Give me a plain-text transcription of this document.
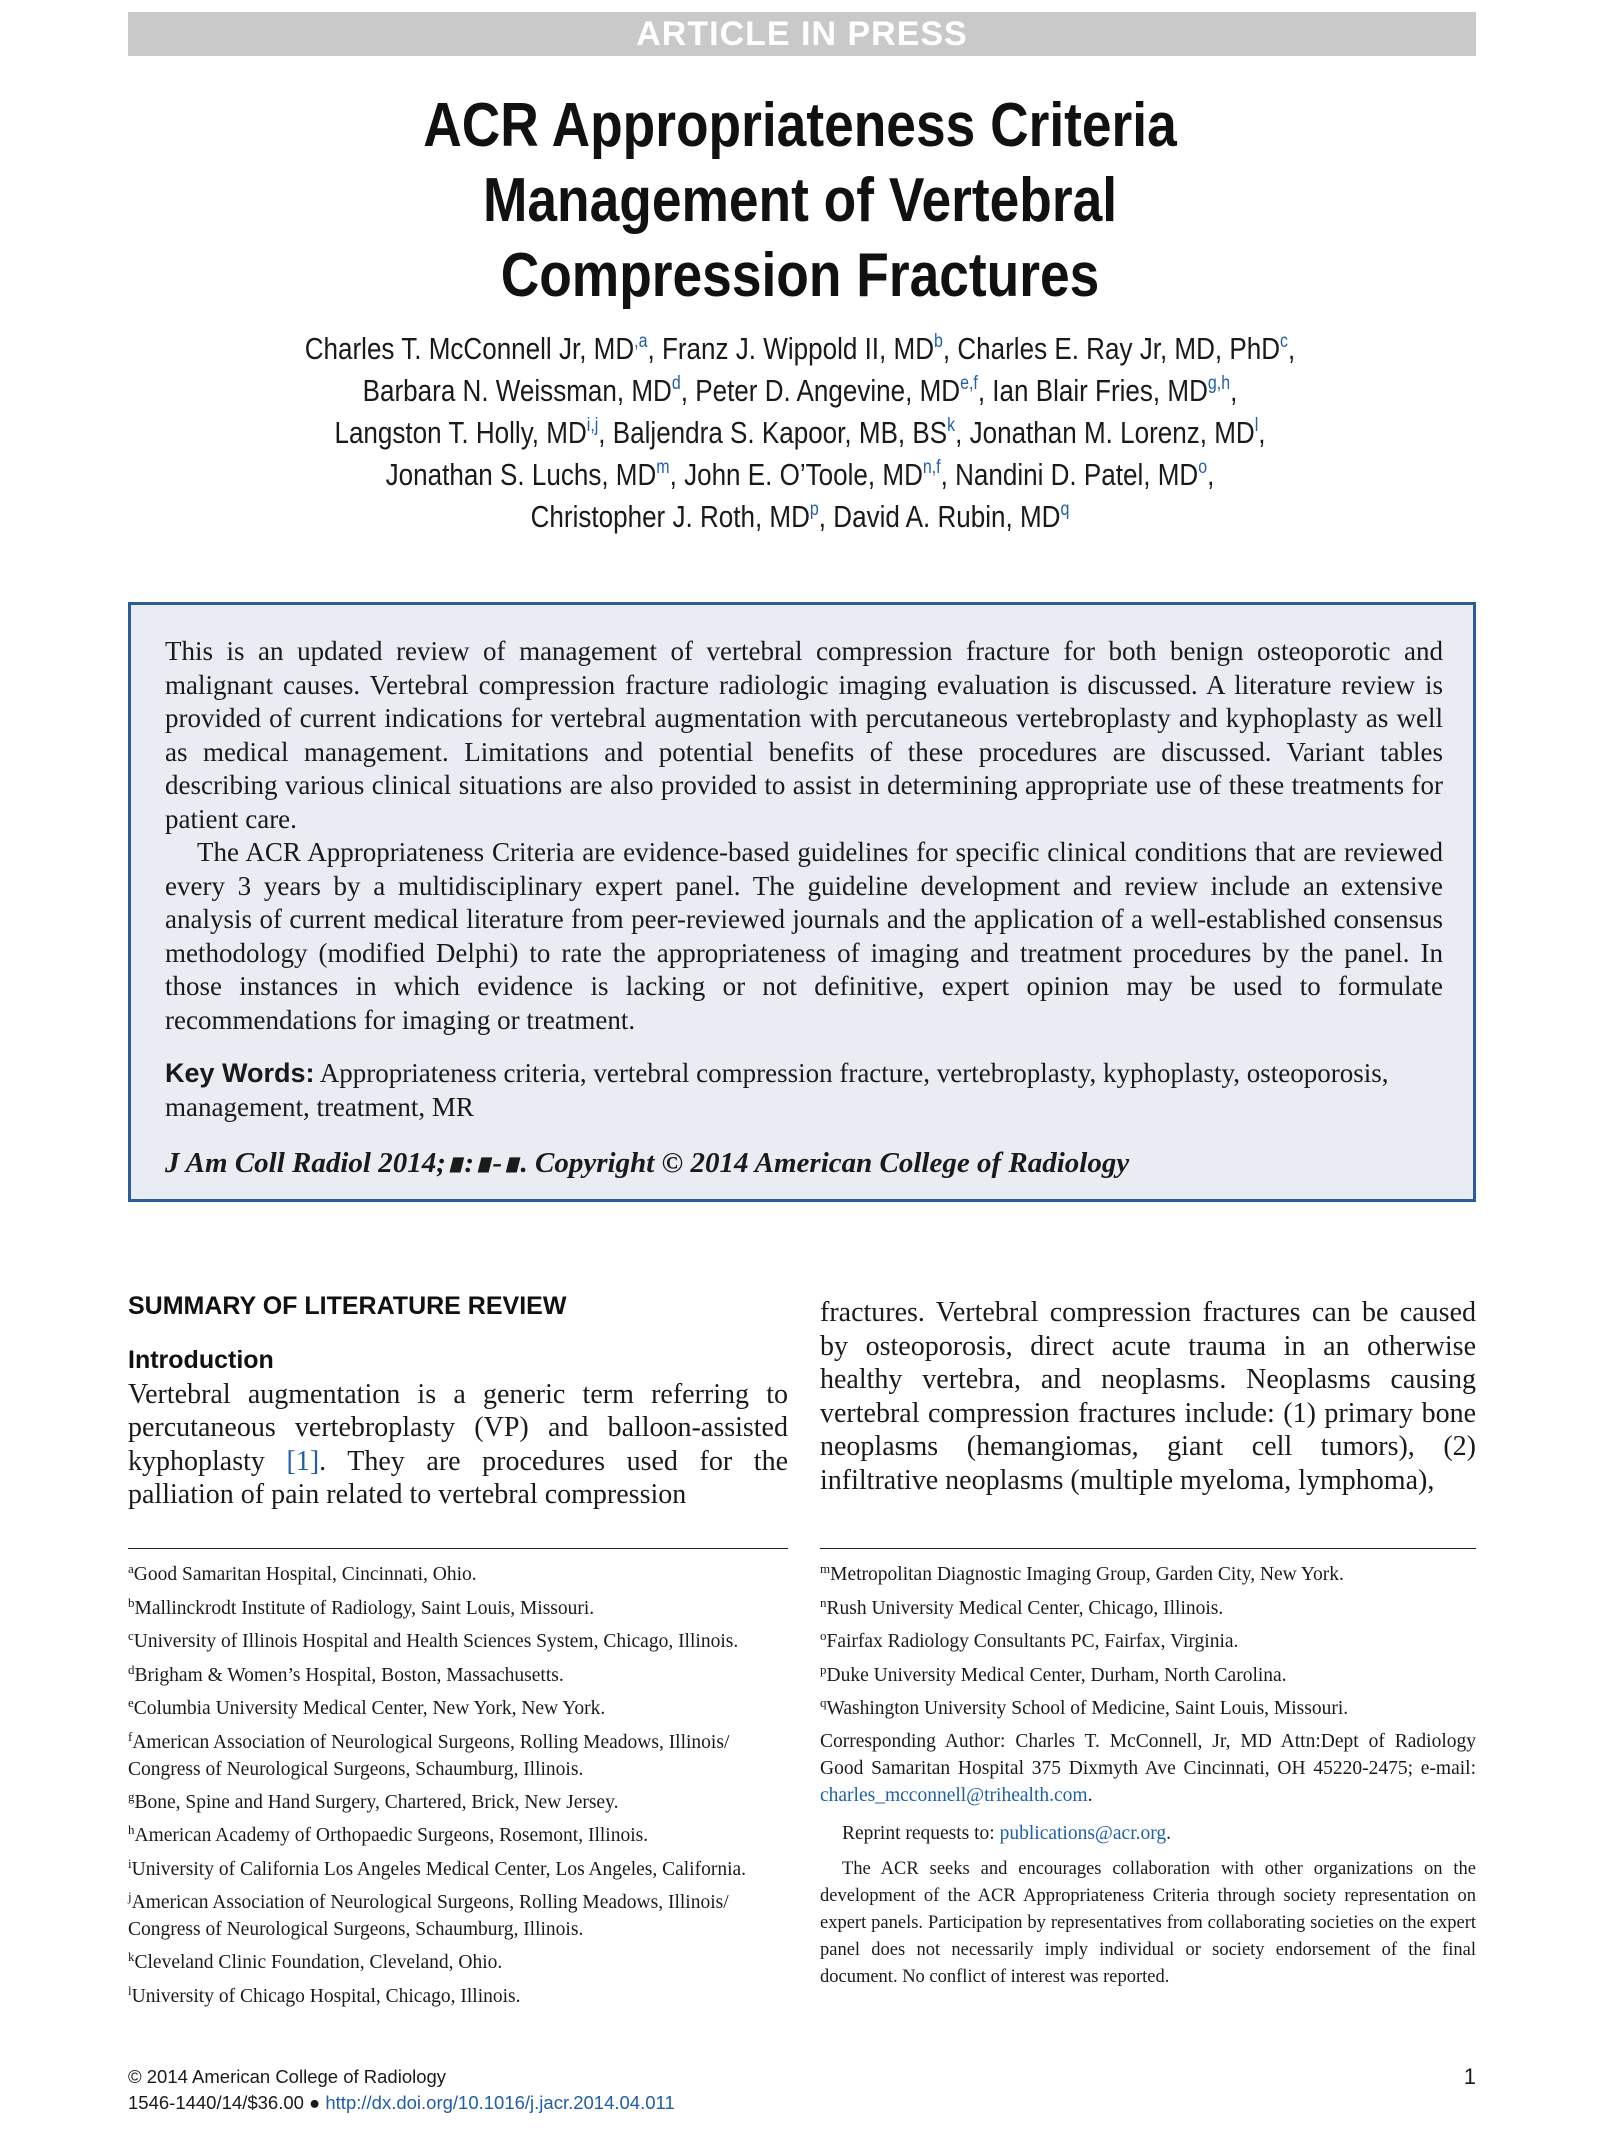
ARTICLE IN PRESS
ACR Appropriateness Criteria
Management of Vertebral
Compression Fractures
Charles T. McConnell Jr, $MD^{,a}$, Franz J. Wippold II, $MD^b$, Charles E. Ray Jr, MD, PhD$^c$,
Barbara N. Weissman, $MD^d$, Peter D. Angevine, MD$^{e,f}$, Ian Blair Fries, MD$^{g,h}$,
Langston T. Holly, MD$^{i,j}$, Baljendra S. Kapoor, MB, $BS^k$, Jonathan M. Lorenz, $MD^l$,
Jonathan S. Luchs, $MD^m$, John E. O’Toole, MD$^{n,f}$, Nandini D. Patel, $MD^o$,
Christopher J. Roth, $MD^p$, David A. Rubin, $MD^q$

This is an updated review of management of vertebral compression fracture for both benign osteoporotic and malignant causes. Vertebral compression fracture radiologic imaging evaluation is discussed. A literature review is provided of current indications for vertebral augmentation with percutaneous vertebroplasty and kyphoplasty as well as medical management. Limitations and potential benefits of these procedures are discussed. Variant tables describing various clinical situations are also provided to assist in determining appropriate use of these treatments for patient care.

The ACR Appropriateness Criteria are evidence-based guidelines for specific clinical conditions that are reviewed every 3 years by a multidisciplinary expert panel. The guideline development and review include an extensive analysis of current medical literature from peer-reviewed journals and the application of a well-established consensus methodology (modified Delphi) to rate the appropriateness of imaging and treatment procedures by the panel. In those instances in which evidence is lacking or not definitive, expert opinion may be used to formulate recommendations for imaging or treatment.

Key Words: Appropriateness criteria, vertebral compression fracture, vertebroplasty, kyphoplasty, osteoporosis, management, treatment, MR
J Am Coll Radiol 2014;∎:∎-∎. Copyright © 2014 American College of Radiology
SUMMARY OF LITERATURE REVIEW
Introduction
Vertebral augmentation is a generic term referring to percutaneous vertebroplasty (VP) and balloon-assisted kyphoplasty [1]. They are procedures used for the palliation of pain related to vertebral compression
fractures. Vertebral compression fractures can be caused by osteoporosis, direct acute trauma in an otherwise healthy vertebra, and neoplasms. Neoplasms causing vertebral compression fractures include: (1) primary bone neoplasms (hemangiomas, giant cell tumors), (2) infiltrative neoplasms (multiple myeloma, lymphoma),
$^a$Good Samaritan Hospital, Cincinnati, Ohio.
$^b$Mallinckrodt Institute of Radiology, Saint Louis, Missouri.
$^c$University of Illinois Hospital and Health Sciences System, Chicago, Illinois.
$^d$Brigham & Women’s Hospital, Boston, Massachusetts.
$^e$Columbia University Medical Center, New York, New York.
$^f$American Association of Neurological Surgeons, Rolling Meadows, Illinois/ Congress of Neurological Surgeons, Schaumburg, Illinois.
$^g$Bone, Spine and Hand Surgery, Chartered, Brick, New Jersey.
$^h$American Academy of Orthopaedic Surgeons, Rosemont, Illinois.
$^i$University of California Los Angeles Medical Center, Los Angeles, California.
$^j$American Association of Neurological Surgeons, Rolling Meadows, Illinois/ Congress of Neurological Surgeons, Schaumburg, Illinois.
$^k$Cleveland Clinic Foundation, Cleveland, Ohio.
$^l$University of Chicago Hospital, Chicago, Illinois.
$^m$Metropolitan Diagnostic Imaging Group, Garden City, New York.
$^n$Rush University Medical Center, Chicago, Illinois.
$^o$Fairfax Radiology Consultants PC, Fairfax, Virginia.
$^p$Duke University Medical Center, Durham, North Carolina.
$^q$Washington University School of Medicine, Saint Louis, Missouri.
Corresponding Author: Charles T. McConnell, Jr, MD Attn:Dept of Radiology Good Samaritan Hospital 375 Dixmyth Ave Cincinnati, OH 45220-2475; e-mail: charles_mcconnell@trihealth.com.
Reprint requests to: publications@acr.org.
The ACR seeks and encourages collaboration with other organizations on the development of the ACR Appropriateness Criteria through society representation on expert panels. Participation by representatives from collaborating societies on the expert panel does not necessarily imply individual or society endorsement of the final document. No conflict of interest was reported.
© 2014 American College of Radiology
1546-1440/14/$36.00 ● http://dx.doi.org/10.1016/j.jacr.2014.04.011
1
